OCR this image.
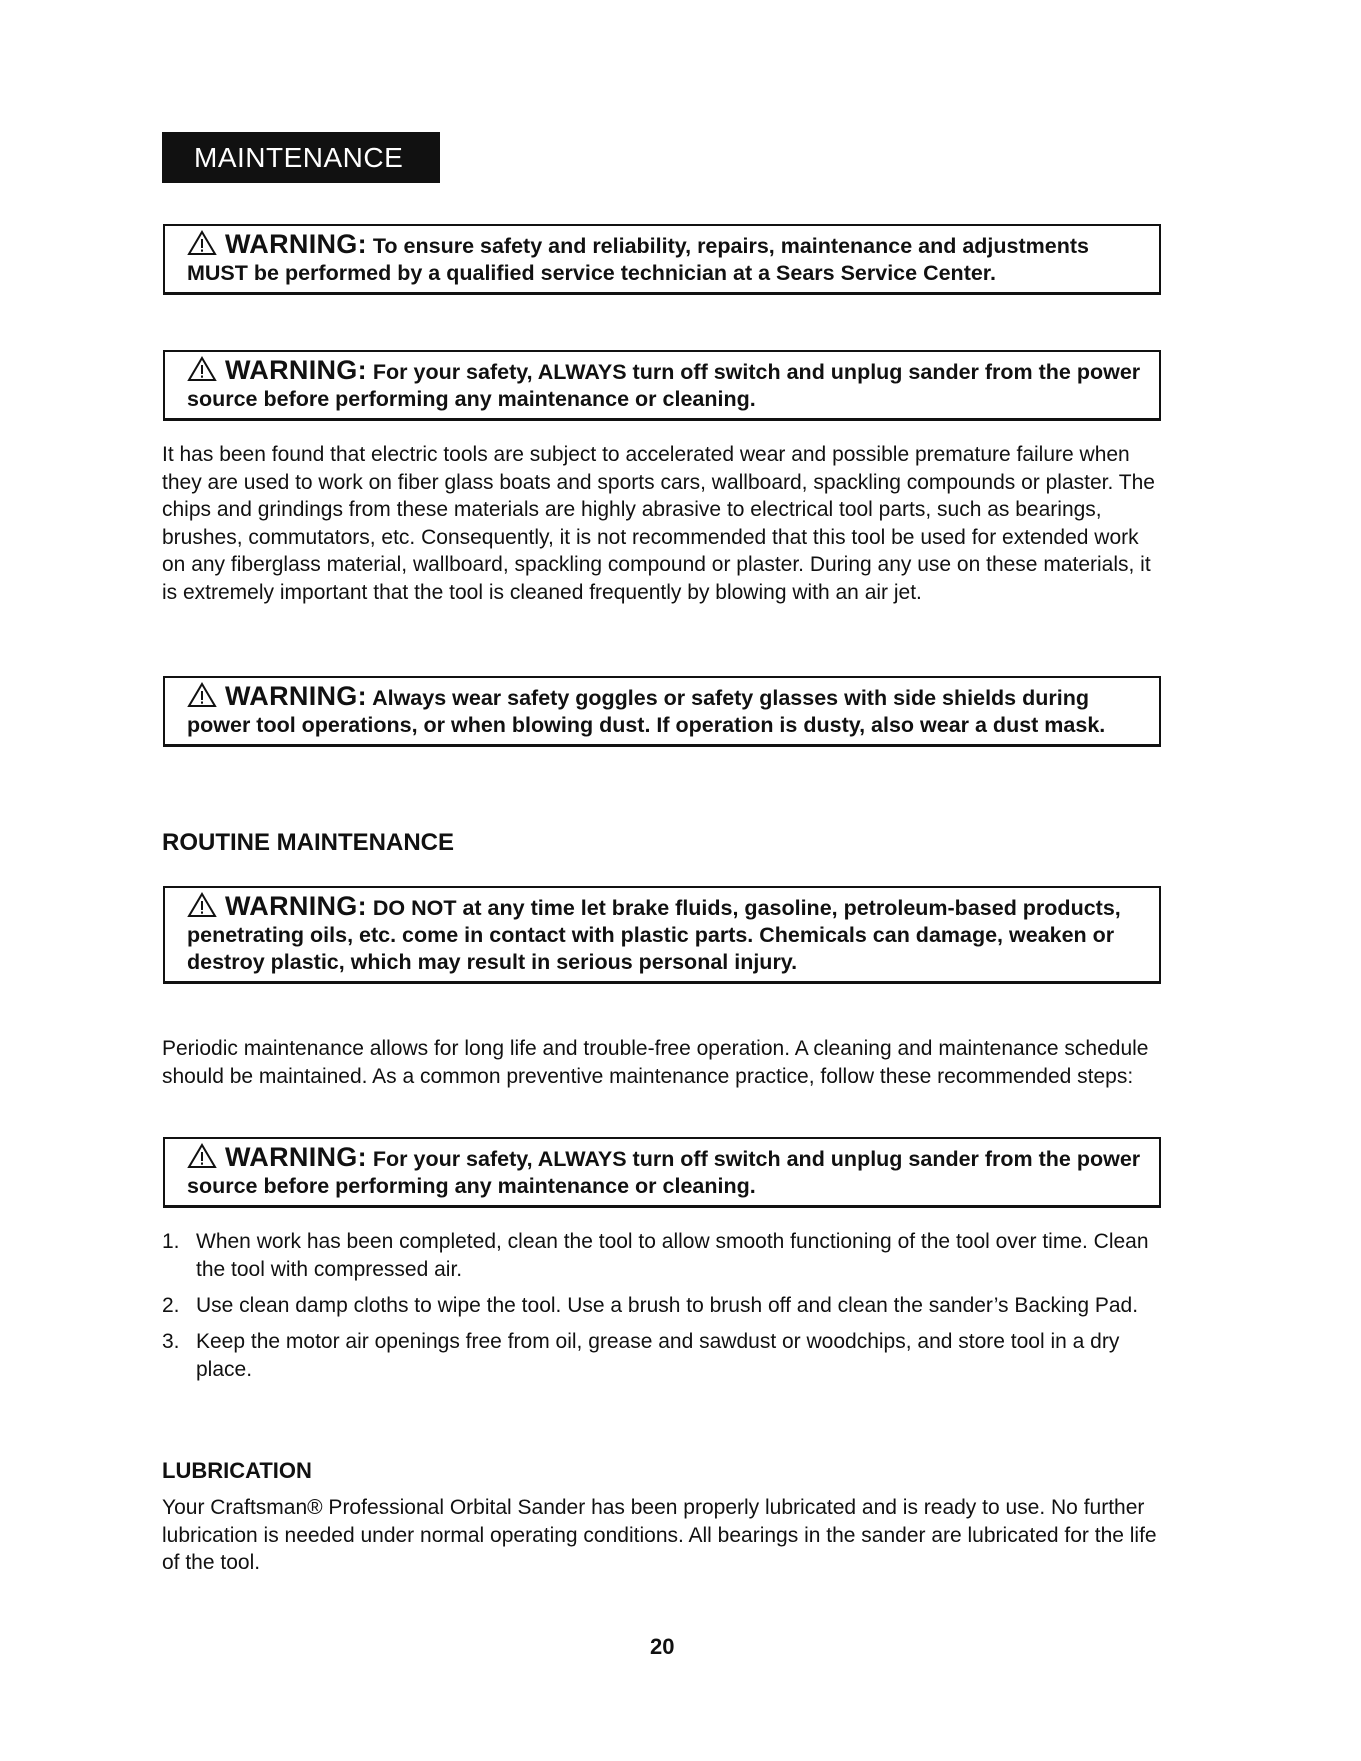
MAINTENANCE
WARNING: To ensure safety and reliability, repairs, maintenance and adjustments MUST be performed by a qualified service technician at a Sears Service Center.
WARNING: For your safety, ALWAYS turn off switch and unplug sander from the power source before performing any maintenance or cleaning.
It has been found that electric tools are subject to accelerated wear and possible premature failure when they are used to work on fiber glass boats and sports cars, wallboard, spackling compounds or plaster. The chips and grindings from these materials are highly abrasive to electrical tool parts, such as bearings, brushes, commutators, etc. Consequently, it is not recommended that this tool be used for extended work on any fiberglass material, wallboard, spackling compound or plaster. During any use on these materials, it is extremely important that the tool is cleaned frequently by blowing with an air jet.
WARNING: Always wear safety goggles or safety glasses with side shields during power tool operations, or when blowing dust. If operation is dusty, also wear a dust mask.
ROUTINE MAINTENANCE
WARNING: DO NOT at any time let brake fluids, gasoline, petroleum-based products, penetrating oils, etc. come in contact with plastic parts. Chemicals can damage, weaken or destroy plastic, which may result in serious personal injury.
Periodic maintenance allows for long life and trouble-free operation. A cleaning and maintenance schedule should be maintained. As a common preventive maintenance practice, follow these recommended steps:
WARNING: For your safety, ALWAYS turn off switch and unplug sander from the power source before performing any maintenance or cleaning.
1. When work has been completed, clean the tool to allow smooth functioning of the tool over time. Clean the tool with compressed air.
2. Use clean damp cloths to wipe the tool. Use a brush to brush off and clean the sander’s Backing Pad.
3. Keep the motor air openings free from oil, grease and sawdust or woodchips, and store tool in a dry place.
LUBRICATION
Your Craftsman® Professional Orbital Sander has been properly lubricated and is ready to use. No further lubrication is needed under normal operating conditions. All bearings in the sander are lubricated for the life of the tool.
20
